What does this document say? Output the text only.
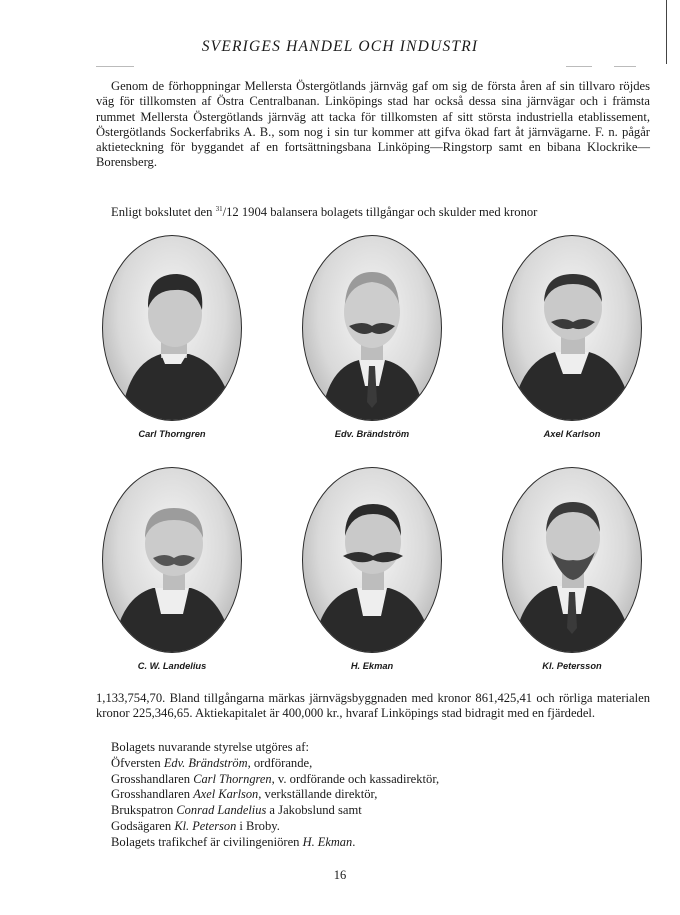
SVERIGES HANDEL OCH INDUSTRI

Genom de förhoppningar Mellersta Östergötlands järnväg gaf om sig de första åren af sin tillvaro röjdes väg för tillkomsten af Östra Centralbanan. Linköpings stad har också dessa sina järnvägar och i främsta rummet Mellersta Östergötlands järnväg att tacka för tillkomsten af sitt största industriella etablissement, Östergötlands Sockerfabriks A. B., som nog i sin tur kommer att gifva ökad fart åt järnvägarne. F. n. pågår aktieteckning för byggandet af en fortsättningsbana Linköping—Ringstorp samt en bibana Klockrike—Borensberg.

Enligt bokslutet den $^{31}$/12 1904 balansera bolagets tillgångar och skulder med kronor

Carl Thorngren	Edv. Brändström	Axel Karlson
C. W. Landelius	H. Ekman	Kl. Petersson

1,133,754,70. Bland tillgångarna märkas järnvägsbyggnaden med kronor 861,425,41 och rörliga materialen kronor 225,346,65. Aktiekapitalet är 400,000 kr., hvaraf Linköpings stad bidragit med en fjärdedel.

Bolagets nuvarande styrelse utgöres af:
Öfversten Edv. Brändström, ordförande,
Grosshandlaren Carl Thorngren, v. ordförande och kassadirektör,
Grosshandlaren Axel Karlson, verkställande direktör,
Brukspatron Conrad Landelius a Jakobslund samt
Godsägaren Kl. Peterson i Broby.
Bolagets trafikchef är civilingeniören H. Ekman.
16
